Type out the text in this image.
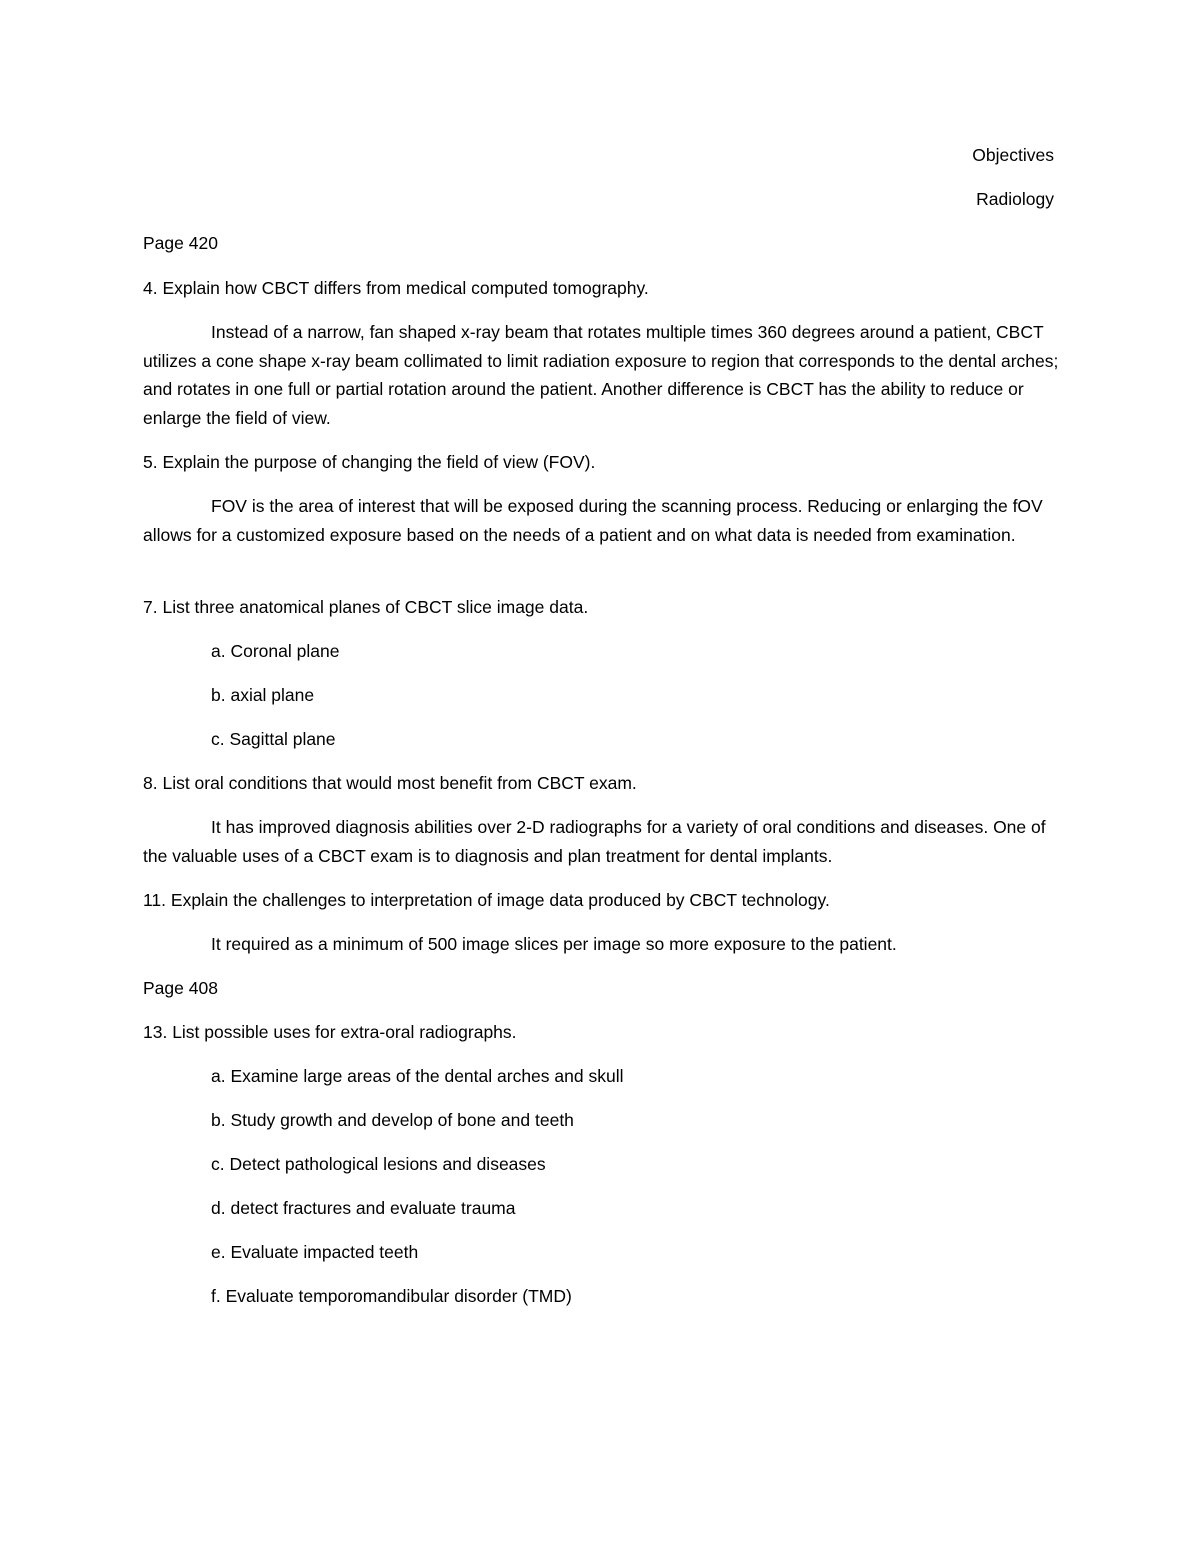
Objectives

Radiology

Page 420

4. Explain how CBCT differs from medical computed tomography.

Instead of a narrow, fan shaped x-ray beam that rotates multiple times 360 degrees around a patient, CBCT utilizes a cone shape x-ray beam collimated to limit radiation exposure to region that corresponds to the dental arches; and rotates in one full or partial rotation around the patient. Another difference is CBCT has the ability to reduce or enlarge the field of view.

5. Explain the purpose of changing the field of view (FOV).

FOV is the area of interest that will be exposed during the scanning process. Reducing or enlarging the fOV allows for a customized exposure based on the needs of a patient and on what data is needed from examination.

7. List three anatomical planes of CBCT slice image data.

a. Coronal plane

b. axial plane

c. Sagittal plane

8. List oral conditions that would most benefit from CBCT exam.

It has improved diagnosis abilities over 2-D radiographs for a variety of oral conditions and diseases. One of the valuable uses of a CBCT exam is to diagnosis and plan treatment for dental implants.

11. Explain the challenges to interpretation of image data produced by CBCT technology.

It required as a minimum of 500 image slices per image so more exposure to the patient.

Page 408

13. List possible uses for extra-oral radiographs.

a. Examine large areas of the dental arches and skull

b. Study growth and develop of bone and teeth

c. Detect pathological lesions and diseases

d. detect fractures and evaluate trauma

e. Evaluate impacted teeth

f. Evaluate temporomandibular disorder (TMD)
